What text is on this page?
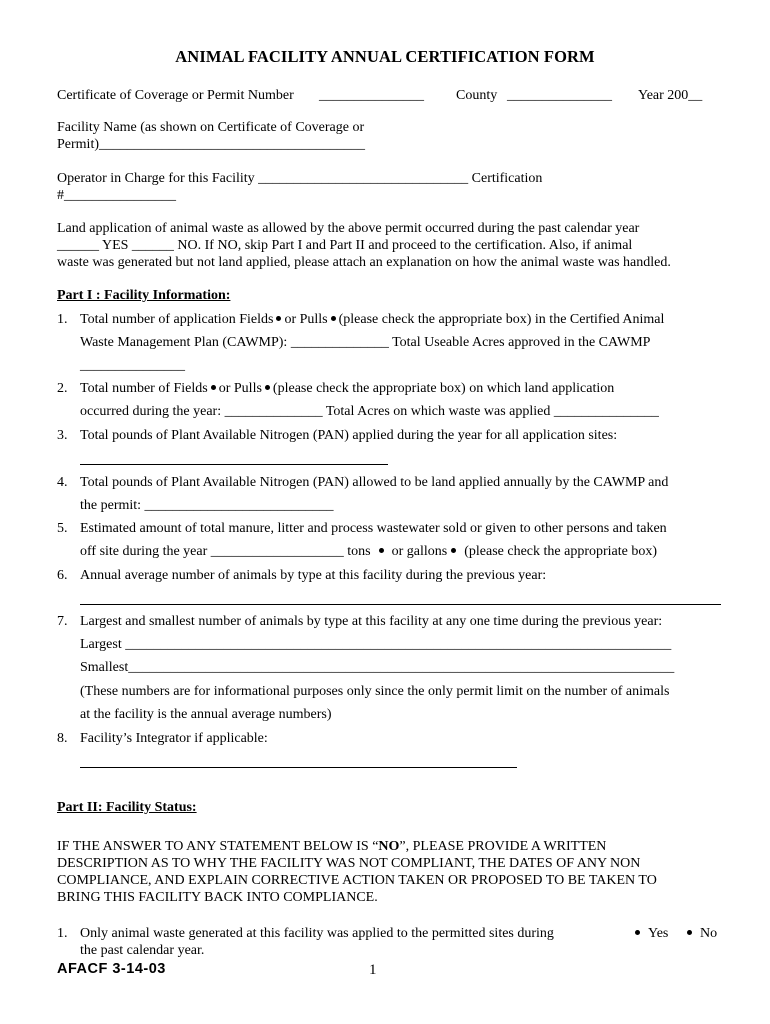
ANIMAL FACILITY ANNUAL CERTIFICATION FORM
Certificate of Coverage or Permit Number _______________ County _______________ Year 200__
Facility Name (as shown on Certificate of Coverage or
Permit)______________________________________
Operator in Charge for this Facility ______________________________ Certification
#________________
Land application of animal waste as allowed by the above permit occurred during the past calendar year
______ YES ______ NO. If NO, skip Part I and Part II and proceed to the certification. Also, if animal
waste was generated but not land applied, please attach an explanation on how the animal waste was handled.
Part I : Facility Information:
1. Total number of application Fields or Pulls (please check the appropriate box) in the Certified Animal
Waste Management Plan (CAWMP): ______________ Total Useable Acres approved in the CAWMP
_______________
2. Total number of Fields or Pulls (please check the appropriate box) on which land application
occurred during the year: ______________ Total Acres on which waste was applied _______________
3. Total pounds of Plant Available Nitrogen (PAN) applied during the year for all application sites:
4. Total pounds of Plant Available Nitrogen (PAN) allowed to be land applied annually by the CAWMP and
the permit: ___________________________
5. Estimated amount of total manure, litter and process wastewater sold or given to other persons and taken
off site during the year ___________________ tons or gallons (please check the appropriate box)
6. Annual average number of animals by type at this facility during the previous year:
7. Largest and smallest number of animals by type at this facility at any one time during the previous year:
Largest ______________________________________________________________________________
Smallest______________________________________________________________________________
(These numbers are for informational purposes only since the only permit limit on the number of animals
at the facility is the annual average numbers)
8. Facility’s Integrator if applicable:
Part II: Facility Status:
IF THE ANSWER TO ANY STATEMENT BELOW IS “NO”, PLEASE PROVIDE A WRITTEN
DESCRIPTION AS TO WHY THE FACILITY WAS NOT COMPLIANT, THE DATES OF ANY NON
COMPLIANCE, AND EXPLAIN CORRECTIVE ACTION TAKEN OR PROPOSED TO BE TAKEN TO
BRING THIS FACILITY BACK INTO COMPLIANCE.
1. Only animal waste generated at this facility was applied to the permitted sites during
the past calendar year.
Yes	No
AFACF 3-14-03	1
